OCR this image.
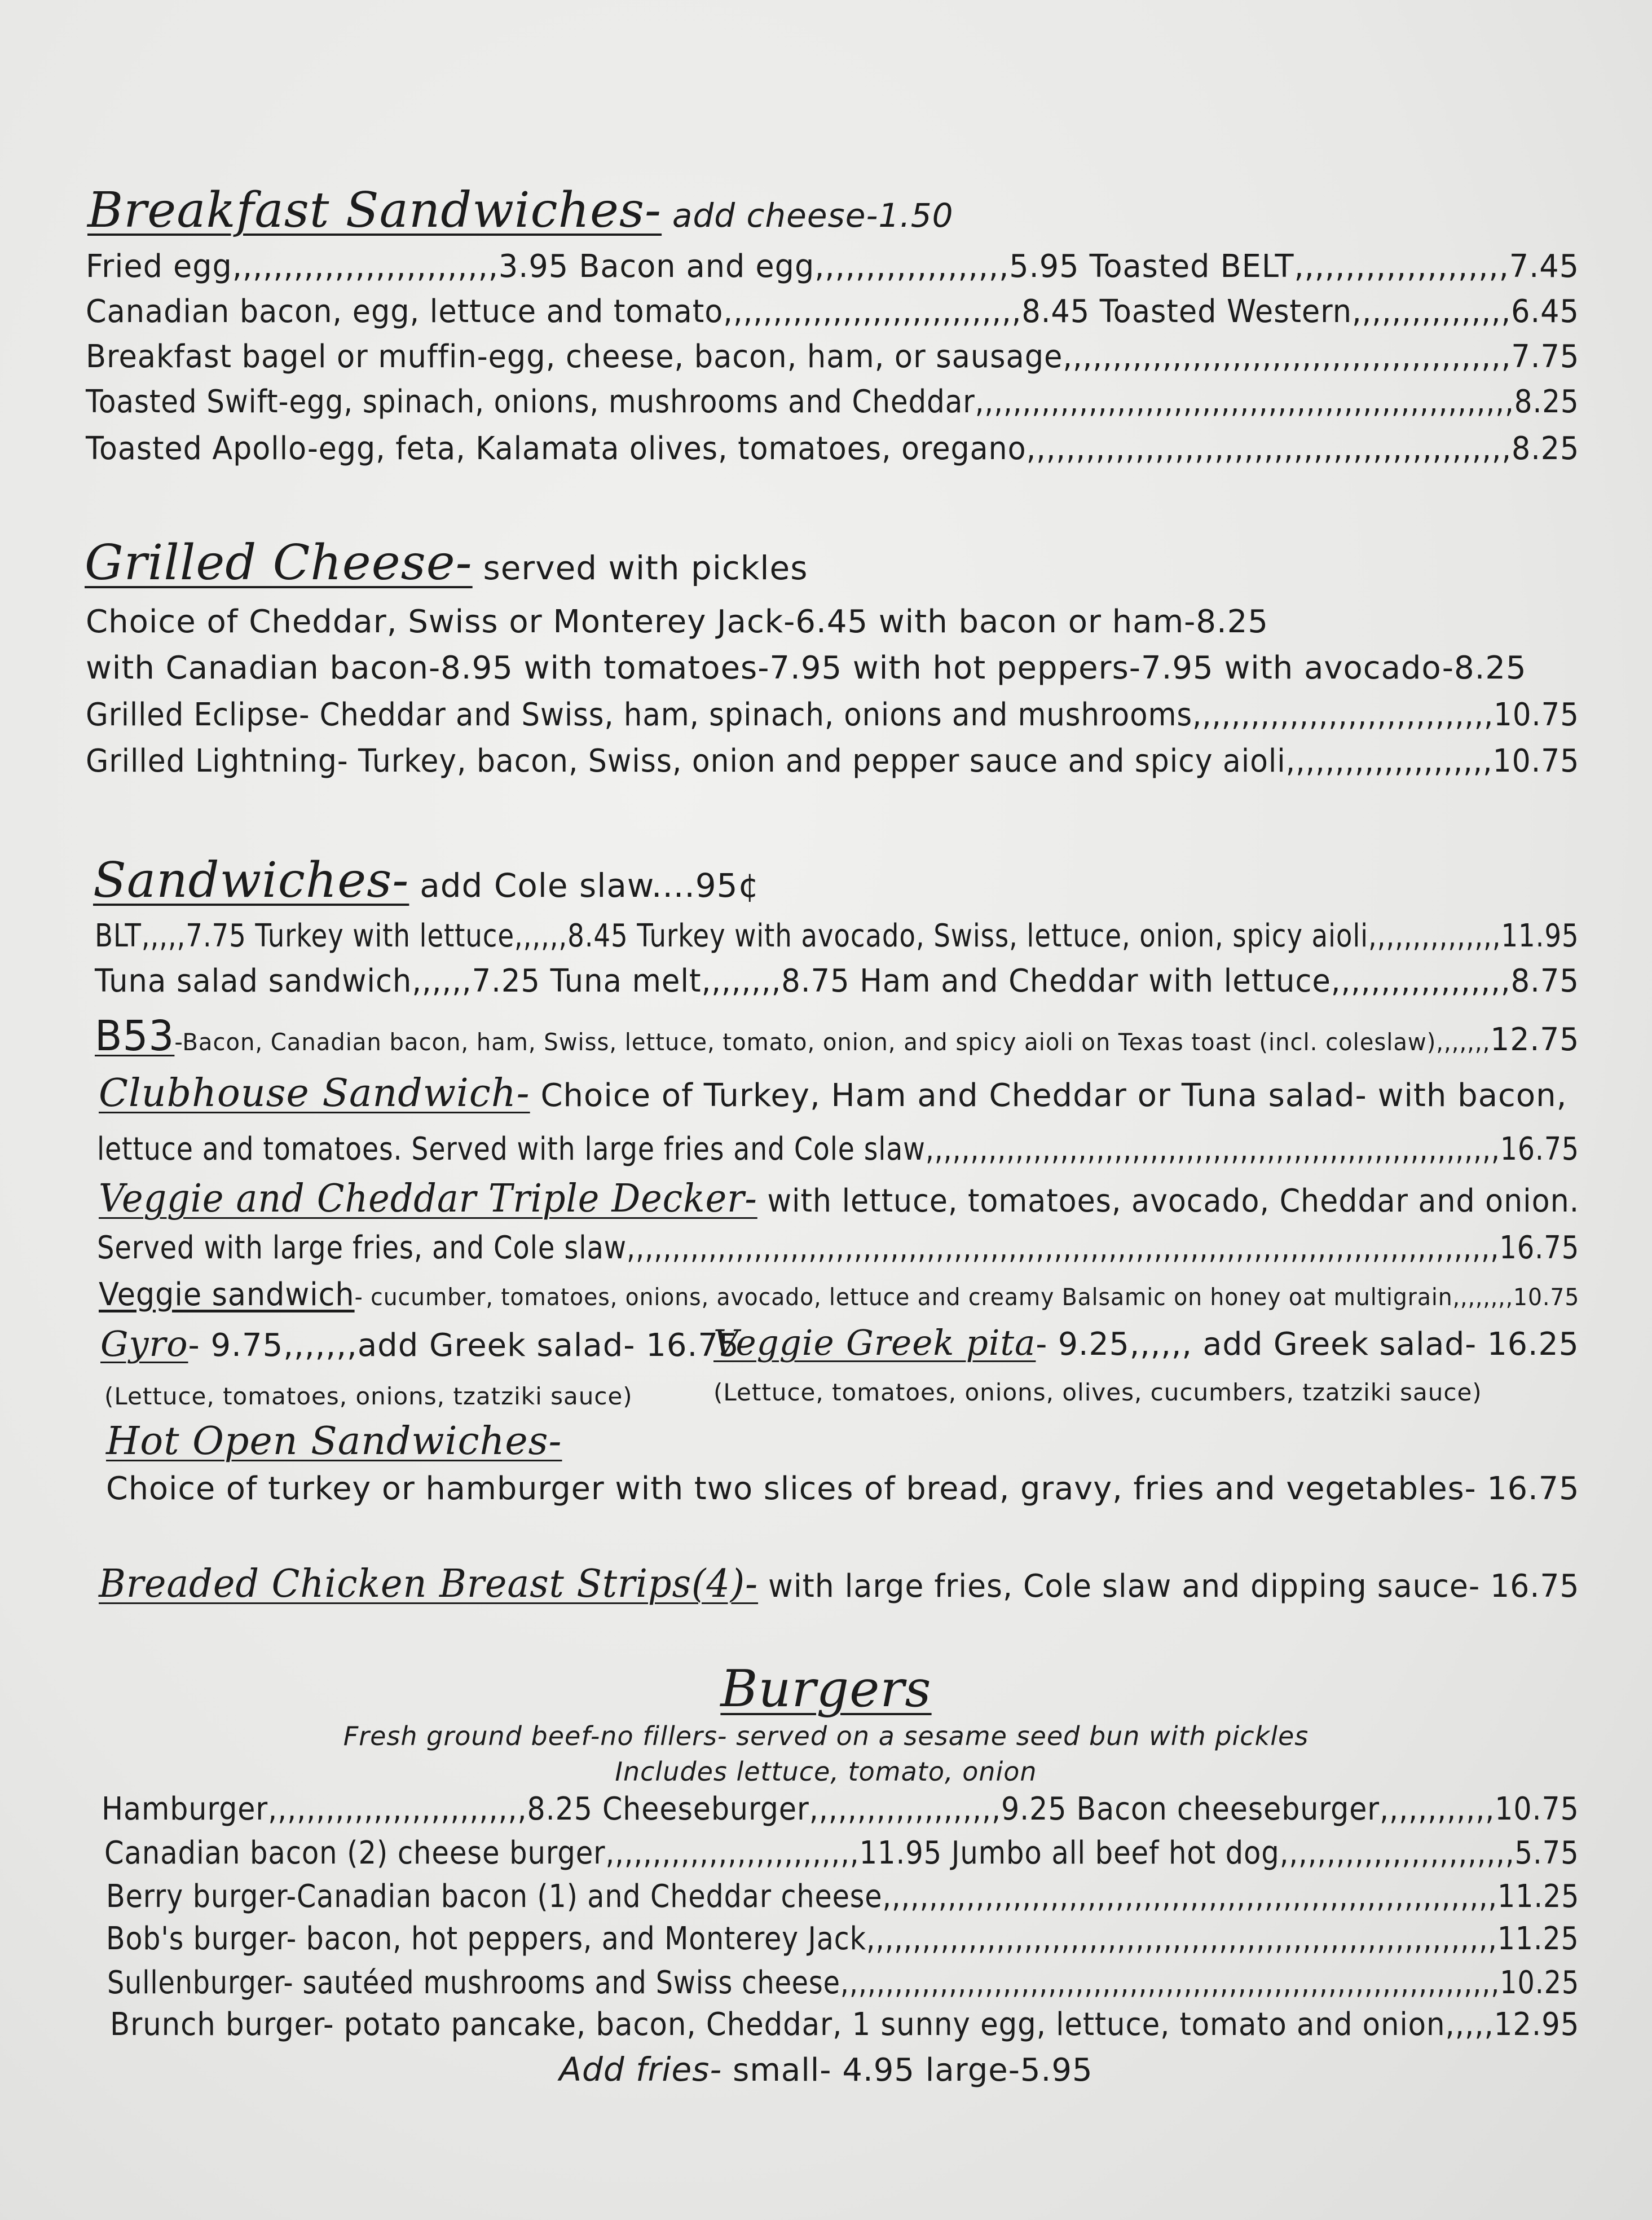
Breakfast Sandwiches- add cheese-1.50
Fried egg,,,,,,,,,,,,,,,,,,,,,,,,,,3.95 Bacon and egg,,,,,,,,,,,,,,,,,,,5.95 Toasted BELT,,,,,,,,,,,,,,,,,,,,,7.45
Canadian bacon, egg, lettuce and tomato,,,,,,,,,,,,,,,,,,,,,,,,,,,,,,8.45 Toasted Western,,,,,,,,,,,,,,,,6.45
Breakfast bagel or muffin-egg, cheese, bacon, ham, or sausage,,,,,,,,,,,,,,,,,,,,,,,,,,,,,,,,,,,,,,,,,,,,,7.75
Toasted Swift-egg, spinach, onions, mushrooms and Cheddar,,,,,,,,,,,,,,,,,,,,,,,,,,,,,,,,,,,,,,,,,,,,,,,,,,,,,,,,,8.25
Toasted Apollo-egg, feta, Kalamata olives, tomatoes, oregano,,,,,,,,,,,,,,,,,,,,,,,,,,,,,,,,,,,,,,,,,,,,,,,,,8.25
Grilled Cheese- served with pickles
Choice of Cheddar, Swiss or Monterey Jack-6.45 with bacon or ham-8.25
with Canadian bacon-8.95 with tomatoes-7.95 with hot peppers-7.95 with avocado-8.25
Grilled Eclipse- Cheddar and Swiss, ham, spinach, onions and mushrooms,,,,,,,,,,,,,,,,,,,,,,,,,,,,,,,10.75
Grilled Lightning- Turkey, bacon, Swiss, onion and pepper sauce and spicy aioli,,,,,,,,,,,,,,,,,,,,,10.75
Sandwiches- add Cole slaw....95¢
BLT,,,,,7.75 Turkey with lettuce,,,,,,8.45 Turkey with avocado, Swiss, lettuce, onion, spicy aioli,,,,,,,,,,,,,,,11.95
Tuna salad sandwich,,,,,,7.25 Tuna melt,,,,,,,,8.75 Ham and Cheddar with lettuce,,,,,,,,,,,,,,,,,,8.75
B53-Bacon, Canadian bacon, ham, Swiss, lettuce, tomato, onion, and spicy aioli on Texas toast (incl. coleslaw),,,,,,,12.75
Clubhouse Sandwich- Choice of Turkey, Ham and Cheddar or Tuna salad- with bacon,
lettuce and tomatoes. Served with large fries and Cole slaw,,,,,,,,,,,,,,,,,,,,,,,,,,,,,,,,,,,,,,,,,,,,,,,,,,,,,,,,,,,,,,,,16.75
Veggie and Cheddar Triple Decker- with lettuce, tomatoes, avocado, Cheddar and onion.
Served with large fries, and Cole slaw,,,,,,,,,,,,,,,,,,,,,,,,,,,,,,,,,,,,,,,,,,,,,,,,,,,,,,,,,,,,,,,,,,,,,,,,,,,,,,,,,,,,,,,,,,,,,,,,16.75
Veggie sandwich- cucumber, tomatoes, onions, avocado, lettuce and creamy Balsamic on honey oat multigrain,,,,,,,,10.75
Gyro- 9.75,,,,,,,add Greek salad- 16.75
Veggie Greek pita- 9.25,,,,,, add Greek salad- 16.25
(Lettuce, tomatoes, onions, tzatziki sauce)	(Lettuce, tomatoes, onions, olives, cucumbers, tzatziki sauce)
Hot Open Sandwiches-
Choice of turkey or hamburger with two slices of bread, gravy, fries and vegetables- 16.75
Breaded Chicken Breast Strips(4)- with large fries, Cole slaw and dipping sauce- 16.75
Burgers
Fresh ground beef-no fillers- served on a sesame seed bun with pickles
Includes lettuce, tomato, onion
Hamburger,,,,,,,,,,,,,,,,,,,,,,,,,,,8.25 Cheeseburger,,,,,,,,,,,,,,,,,,,,9.25 Bacon cheeseburger,,,,,,,,,,,,10.75
Canadian bacon (2) cheese burger,,,,,,,,,,,,,,,,,,,,,,,,,,,11.95 Jumbo all beef hot dog,,,,,,,,,,,,,,,,,,,,,,,,,5.75
Berry burger-Canadian bacon (1) and Cheddar cheese,,,,,,,,,,,,,,,,,,,,,,,,,,,,,,,,,,,,,,,,,,,,,,,,,,,,,,,,,,,,,,,,,,11.25
Bob's burger- bacon, hot peppers, and Monterey Jack,,,,,,,,,,,,,,,,,,,,,,,,,,,,,,,,,,,,,,,,,,,,,,,,,,,,,,,,,,,,,,,,,,,,11.25
Sullenburger- sautéed mushrooms and Swiss cheese,,,,,,,,,,,,,,,,,,,,,,,,,,,,,,,,,,,,,,,,,,,,,,,,,,,,,,,,,,,,,,,,,,,,,,,,,10.25
Brunch burger- potato pancake, bacon, Cheddar, 1 sunny egg, lettuce, tomato and onion,,,,,12.95
Add fries- small- 4.95 large-5.95
